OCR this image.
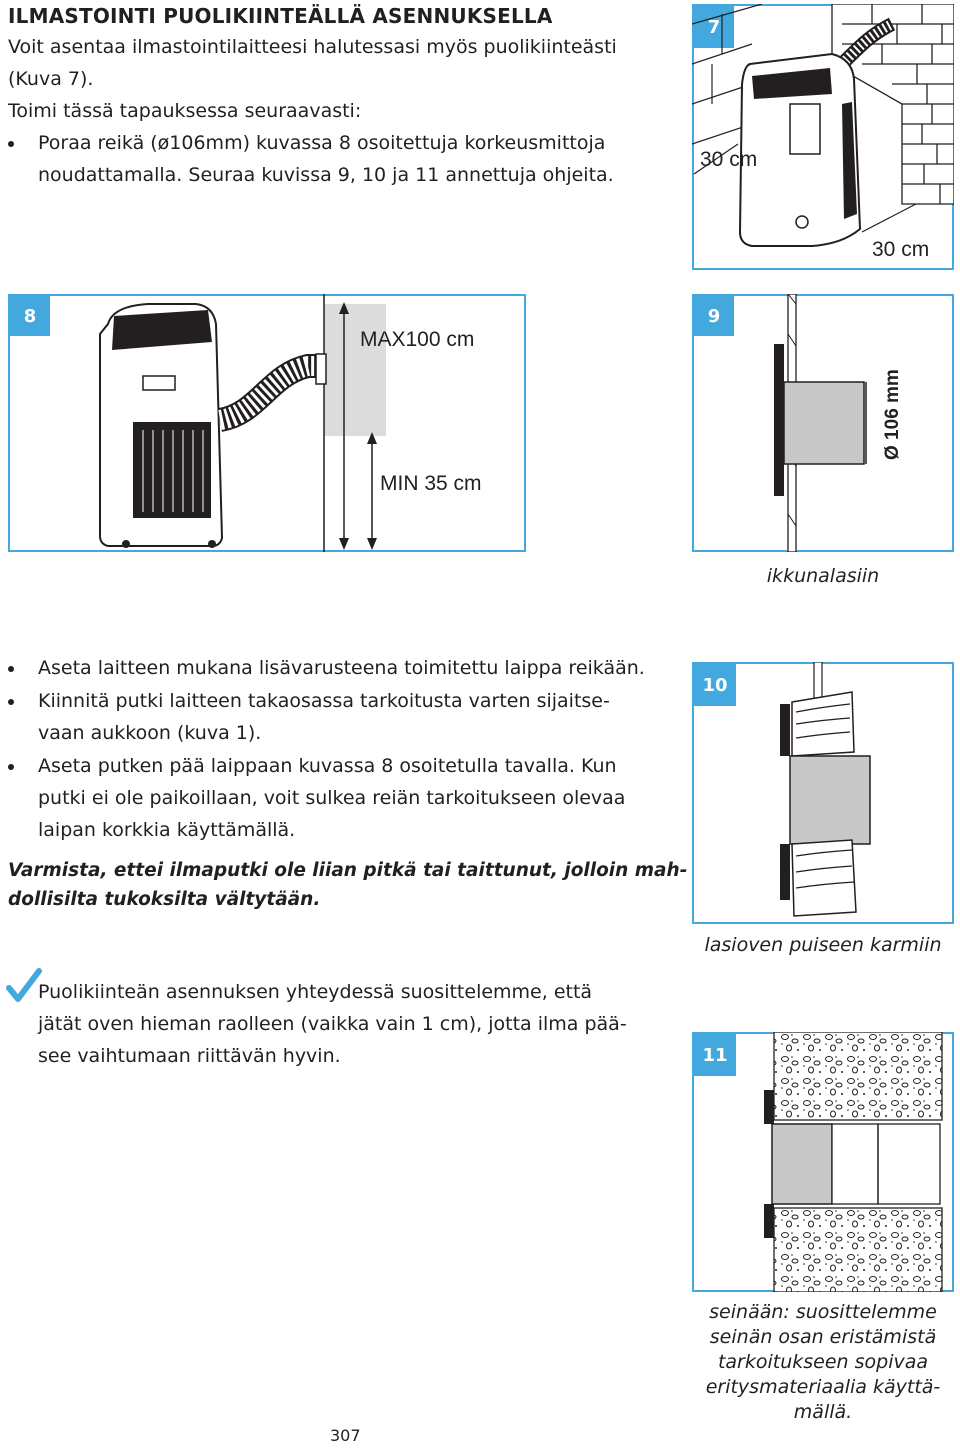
ILMASTOINTI PUOLIKIINTEÄLLÄ ASENNUKSELLA
Voit asentaa ilmastointilaitteesi halutessasi myös puolikiinteästi
(Kuva 7).
Toimi tässä tapauksessa seuraavasti:
Poraa reikä (ø106mm) kuvassa 8 osoitettuja korkeusmittoja
noudattamalla. Seuraa kuvissa 9, 10 ja 11 annettuja ohjeita.
7
30 cm
30 cm
8
MAX100 cm
MIN 35 cm
9
Ø 106 mm
ikkunalasiin
Aseta laitteen mukana lisävarusteena toimitettu laippa reikään.
Kiinnitä putki laitteen takaosassa tarkoitusta varten sijaitse-
vaan aukkoon (kuva 1).
Aseta putken pää laippaan kuvassa 8 osoitetulla tavalla. Kun
putki ei ole paikoillaan, voit sulkea reiän tarkoitukseen olevaa
laipan korkkia käyttämällä.
Varmista, ettei ilmaputki ole liian pitkä tai taittunut, jolloin mah-
dollisilta tukoksilta vältytään.
10
lasioven puiseen karmiin
Puolikiinteän asennuksen yhteydessä suosittelemme, että
jätät oven hieman raolleen (vaikka vain 1 cm), jotta ilma pää-
see vaihtumaan riittävän hyvin.	11
seinään: suosittelemme
seinän osan eristämistä
tarkoitukseen sopivaa
eritysmateriaalia käyttä-
mällä.
307
